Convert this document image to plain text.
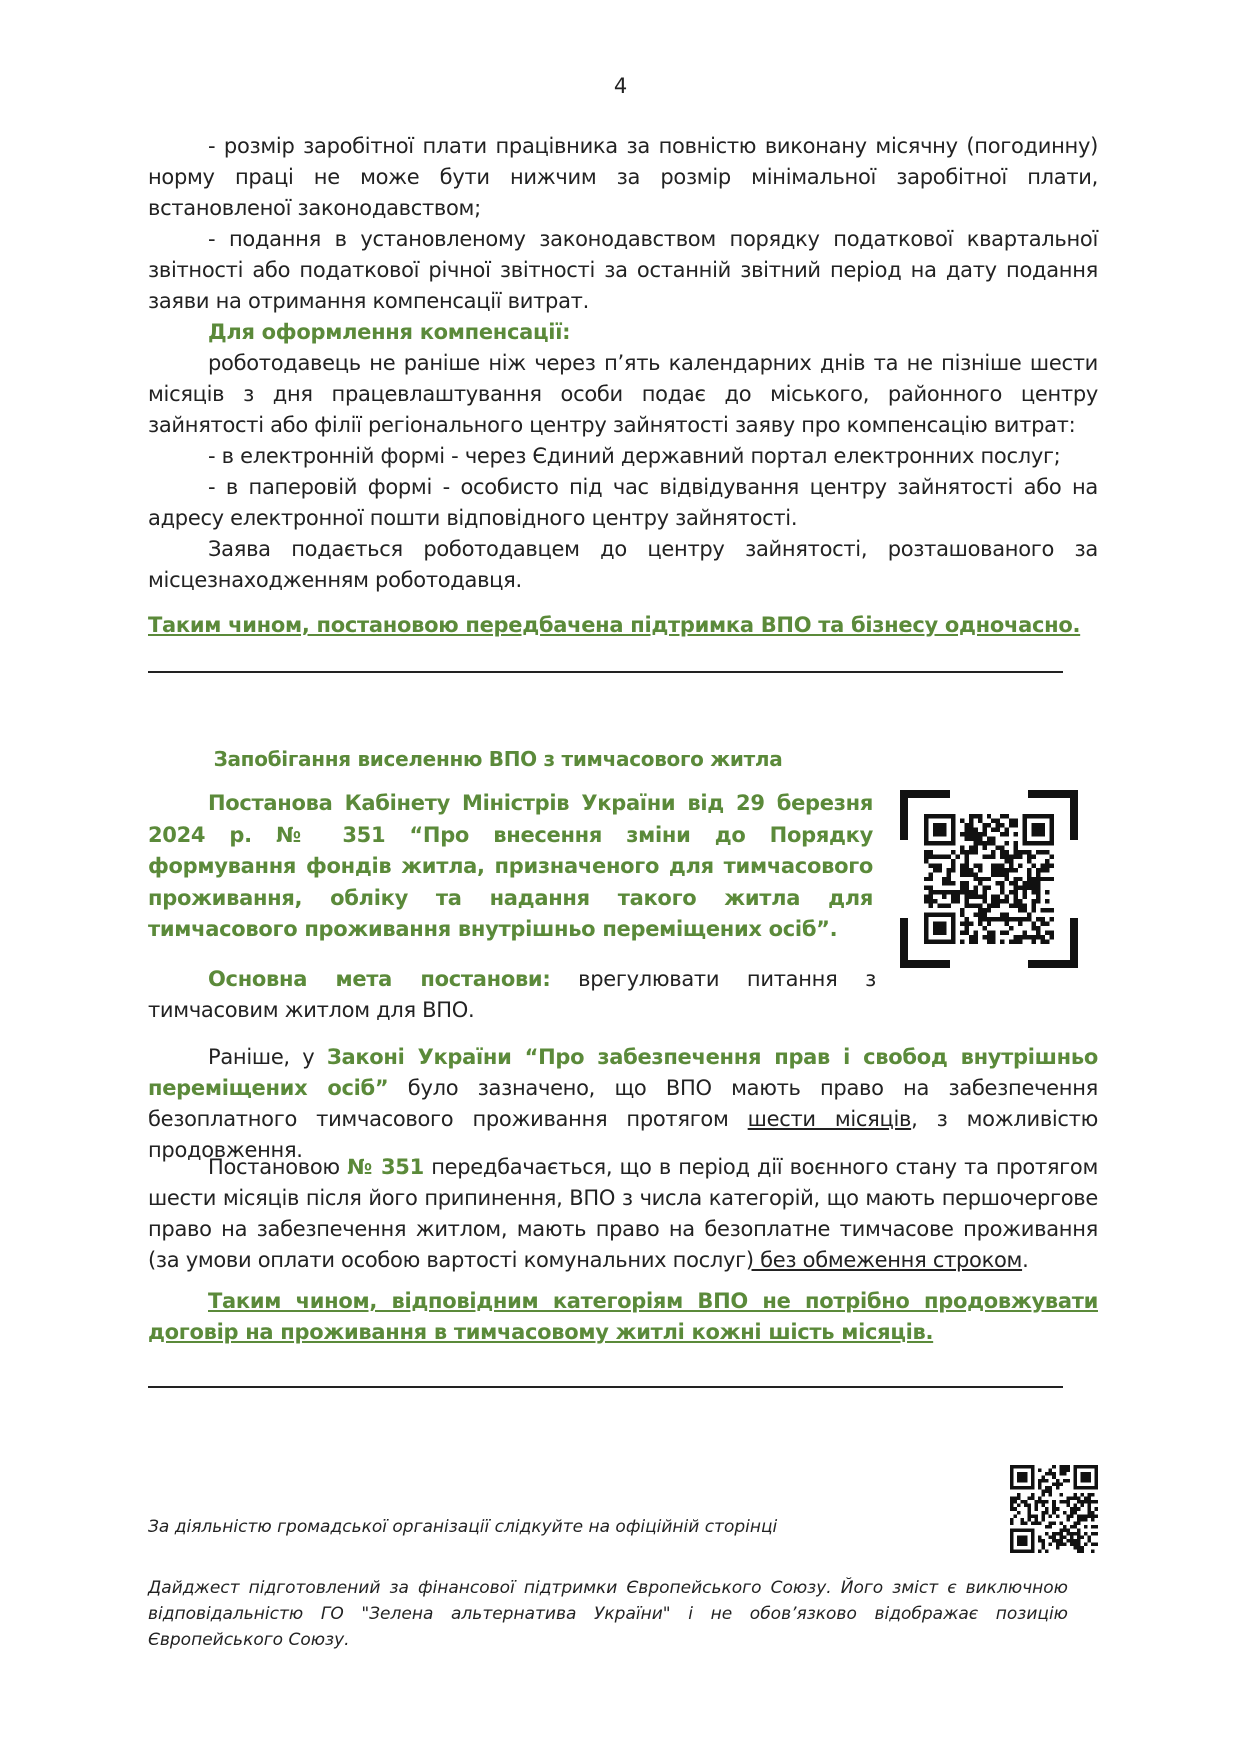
4

- розмір заробітної плати працівника за повністю виконану місячну (погодинну) норму праці не може бути нижчим за розмір мінімальної заробітної плати, встановленої законодавством;

- подання в установленому законодавством порядку податкової квартальної звітності або податкової річної звітності за останній звітний період на дату подання заяви на отримання компенсації витрат.

Для оформлення компенсації:

роботодавець не раніше ніж через п’ять календарних днів та не пізніше шести місяців з дня працевлаштування особи подає до міського, районного центру зайнятості або філії регіонального центру зайнятості заяву про компенсацію витрат:

- в електронній формі - через Єдиний державний портал електронних послуг;

- в паперовій формі - особисто під час відвідування центру зайнятості або на адресу електронної пошти відповідного центру зайнятості.

Заява подається роботодавцем до центру зайнятості, розташованого за місцезнаходженням роботодавця.

Таким чином, постановою передбачена підтримка ВПО та бізнесу одночасно.

Запобігання виселенню ВПО з тимчасового житла
Постанова Кабінету Міністрів України від 29 березня 2024 р. № 351 “Про внесення зміни до Порядку формування фондів житла, призначеного для тимчасового проживання, обліку та надання такого житла для тимчасового проживання внутрішньо переміщених осіб”.
Основна мета постанови: врегулювати питання з тимчасовим житлом для ВПО.
Раніше, у Законі України “Про забезпечення прав і свобод внутрішньо переміщених осіб” було зазначено, що ВПО мають право на забезпечення безоплатного тимчасового проживання протягом шести місяців, з можливістю продовження.
Постановою № 351 передбачається, що в період дії воєнного стану та протягом шести місяців після його припинення, ВПО з числа категорій, що мають першочергове право на забезпечення житлом, мають право на безоплатне тимчасове проживання (за умови оплати особою вартості комунальних послуг) без обмеження строком.
Таким чином, відповідним категоріям ВПО не потрібно продовжувати договір на проживання в тимчасовому житлі кожні шість місяців.
За діяльністю громадської організації слідкуйте на офіційній сторінці
Дайджест підготовлений за фінансової підтримки Європейського Союзу. Його зміст є виключною відповідальністю ГО "Зелена альтернатива України" і не обов’язково відображає позицію Європейського Союзу.
